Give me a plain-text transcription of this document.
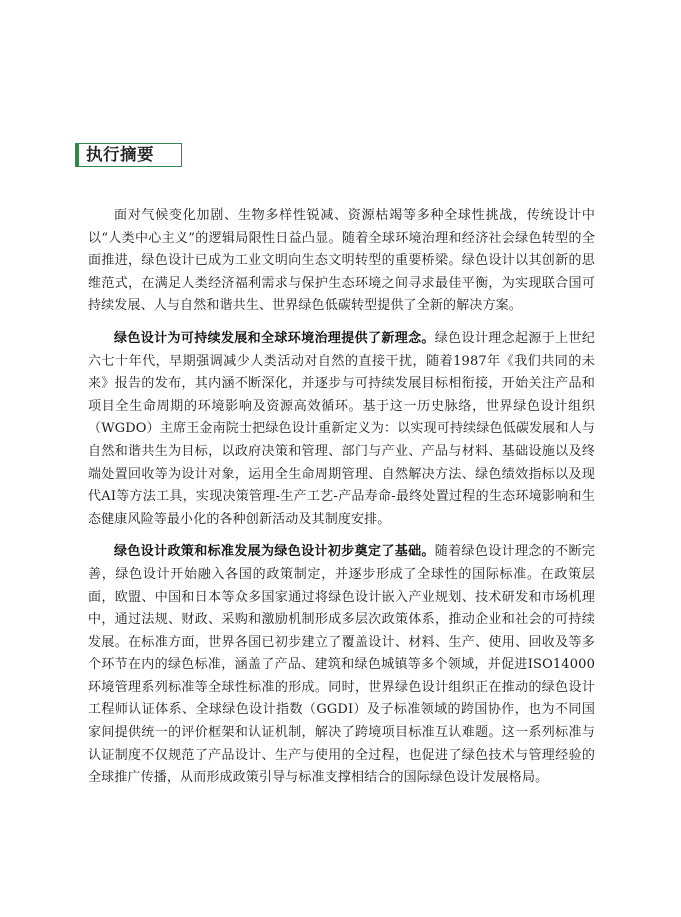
执行摘要

面对气候变化加剧、生物多样性锐减、资源枯竭等多种全球性挑战，传统设计中以“人类中心主义”的逻辑局限性日益凸显。随着全球环境治理和经济社会绿色转型的全面推进，绿色设计已成为工业文明向生态文明转型的重要桥梁。绿色设计以其创新的思维范式，在满足人类经济福利需求与保护生态环境之间寻求最佳平衡，为实现联合国可持续发展、人与自然和谐共生、世界绿色低碳转型提供了全新的解决方案。

绿色设计为可持续发展和全球环境治理提供了新理念。绿色设计理念起源于上世纪六七十年代，早期强调减少人类活动对自然的直接干扰，随着1987年《我们共同的未来》报告的发布，其内涵不断深化，并逐步与可持续发展目标相衔接，开始关注产品和项目全生命周期的环境影响及资源高效循环。基于这一历史脉络，世界绿色设计组织（WGDO）主席王金南院士把绿色设计重新定义为：以实现可持续绿色低碳发展和人与自然和谐共生为目标，以政府决策和管理、部门与产业、产品与材料、基础设施以及终端处置回收等为设计对象，运用全生命周期管理、自然解决方法、绿色绩效指标以及现代AI等方法工具，实现决策管理-生产工艺-产品寿命-最终处置过程的生态环境影响和生态健康风险等最小化的各种创新活动及其制度安排。

绿色设计政策和标准发展为绿色设计初步奠定了基础。随着绿色设计理念的不断完善，绿色设计开始融入各国的政策制定，并逐步形成了全球性的国际标准。在政策层面，欧盟、中国和日本等众多国家通过将绿色设计嵌入产业规划、技术研发和市场机理中，通过法规、财政、采购和激励机制形成多层次政策体系，推动企业和社会的可持续发展。在标准方面，世界各国已初步建立了覆盖设计、材料、生产、使用、回收及等多个环节在内的绿色标准，涵盖了产品、建筑和绿色城镇等多个领域，并促进ISO14000环境管理系列标准等全球性标准的形成。同时，世界绿色设计组织正在推动的绿色设计工程师认证体系、全球绿色设计指数（GGDI）及子标准领域的跨国协作，也为不同国家间提供统一的评价框架和认证机制，解决了跨境项目标准互认难题。这一系列标准与认证制度不仅规范了产品设计、生产与使用的全过程，也促进了绿色技术与管理经验的全球推广传播，从而形成政策引导与标准支撑相结合的国际绿色设计发展格局。
